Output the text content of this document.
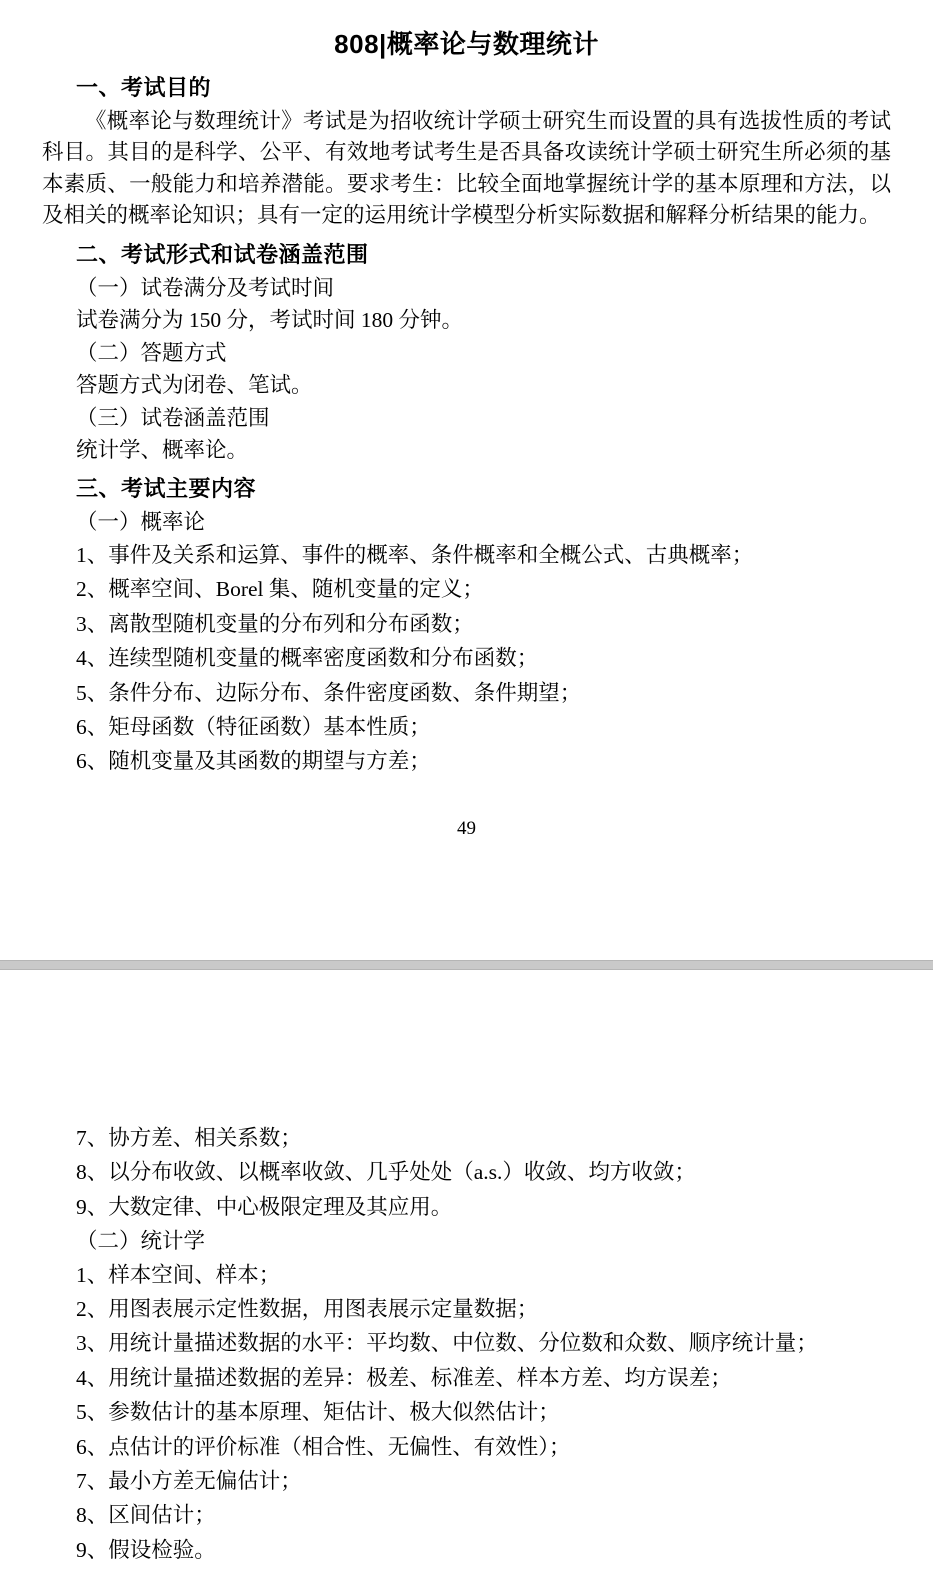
808|概率论与数理统计
一、考试目的
《概率论与数理统计》考试是为招收统计学硕士研究生而设置的具有选拔性质的考试科目。其目的是科学、公平、有效地考试考生是否具备攻读统计学硕士研究生所必须的基本素质、一般能力和培养潜能。要求考生：比较全面地掌握统计学的基本原理和方法，以及相关的概率论知识；具有一定的运用统计学模型分析实际数据和解释分析结果的能力。
二、考试形式和试卷涵盖范围
（一）试卷满分及考试时间
试卷满分为 150 分，考试时间 180 分钟。
（二）答题方式
答题方式为闭卷、笔试。
（三）试卷涵盖范围
统计学、概率论。
三、考试主要内容
（一）概率论
1、事件及关系和运算、事件的概率、条件概率和全概公式、古典概率；
2、概率空间、Borel 集、随机变量的定义；
3、离散型随机变量的分布列和分布函数；
4、连续型随机变量的概率密度函数和分布函数；
5、条件分布、边际分布、条件密度函数、条件期望；
6、矩母函数（特征函数）基本性质；
6、随机变量及其函数的期望与方差；
49
7、协方差、相关系数；
8、以分布收敛、以概率收敛、几乎处处（a.s.）收敛、均方收敛；
9、大数定律、中心极限定理及其应用。
（二）统计学
1、样本空间、样本；
2、用图表展示定性数据，用图表展示定量数据；
3、用统计量描述数据的水平：平均数、中位数、分位数和众数、顺序统计量；
4、用统计量描述数据的差异：极差、标准差、样本方差、均方误差；
5、参数估计的基本原理、矩估计、极大似然估计；
6、点估计的评价标准（相合性、无偏性、有效性）；
7、最小方差无偏估计；
8、区间估计；
9、假设检验。
